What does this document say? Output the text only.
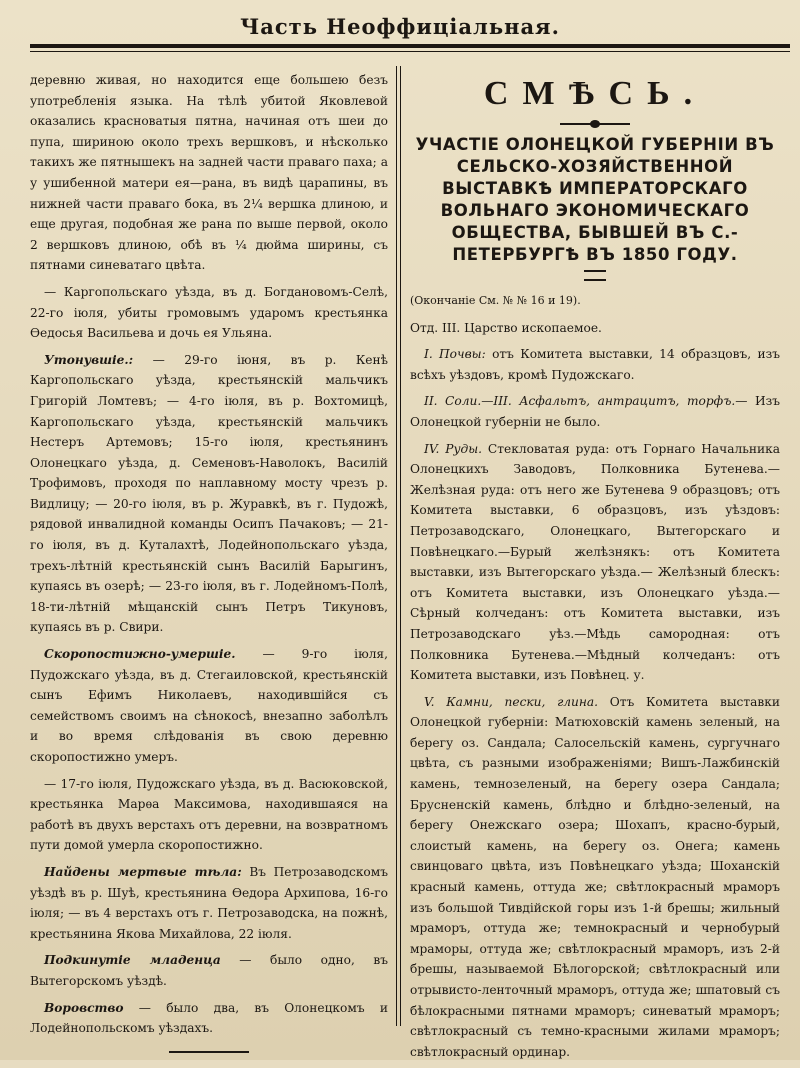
Часть Неоффиціальная.

деревню живая, но находится еще большею безъ употребленія языка. На тѣлѣ убитой Яковлевой оказались красноватыя пятна, начиная отъ шеи до пупа, шириною около трехъ вершковъ, и нѣсколько такихъ же пятнышекъ на задней части праваго паха; а у ушибенной матери ея—рана, въ видѣ царапины, въ нижней части праваго бока, въ 2¼ вершка длиною, и еще другая, подобная же рана по выше первой, около 2 вершковъ длиною, обѣ въ ¼ дюйма ширины, съ пятнами синеватаго цвѣта.

— Каргопольскаго уѣзда, въ д. Богдановомъ-Селѣ, 22-го іюля, убиты громовымъ ударомъ крестьянка Ѳедосья Васильева и дочь ея Ульяна.

Утонувшіе.: — 29-го іюня, въ р. Кенѣ Каргопольскаго уѣзда, крестьянскій мальчикъ Григорій Ломтевъ; — 4-го іюля, въ р. Вохтомицѣ, Каргопольскаго уѣзда, крестьянскій мальчикъ Нестеръ Артемовъ; 15-го іюля, крестьянинъ Олонецкаго уѣзда, д. Семеновъ-Наволокъ, Василій Трофимовъ, проходя по наплавному мосту чрезъ р. Видлицу; — 20-го іюля, въ р. Журавкѣ, въ г. Пудожѣ, рядовой инвалидной команды Осипъ Пачаковъ; — 21-го іюля, въ д. Куталахтѣ, Лодейнопольскаго уѣзда, трехъ-лѣтній крестьянскій сынъ Василій Барыгинъ, купаясь въ озерѣ; — 23-го іюля, въ г. Лодейномъ-Полѣ, 18-ти-лѣтній мѣщанскій сынъ Петръ Тикуновъ, купаясь въ р. Свири.

Скоропостижно-умершіе. — 9-го іюля, Пудожскаго уѣзда, въ д. Стегаиловской, крестьянскій сынъ Ефимъ Николаевъ, находившійся съ семействомъ своимъ на сѣнокосѣ, внезапно заболѣлъ и во время слѣдованія въ свою деревню скоропостижно умеръ.

— 17-го іюля, Пудожскаго уѣзда, въ д. Васюковской, крестьянка Марѳа Максимова, находившаяся на работѣ въ двухъ верстахъ отъ деревни, на возвратномъ пути домой умерла скоропостижно.

Найдены мертвые тѣла: Въ Петрозаводскомъ уѣздѣ въ р. Шуѣ, крестьянина Ѳедора Архипова, 16-го іюля; — въ 4 верстахъ отъ г. Петрозаводска, на пожнѣ, крестьянина Якова Михайлова, 22 іюля.

Подкинутіе младенца — было одно, въ Вытегорскомъ уѣздѣ.

Воровство — было два, въ Олонецкомъ и Лодейнопольскомъ уѣздахъ.

СМѢСЬ.
УЧАСТІЕ ОЛОНЕЦКОЙ ГУБЕРНІИ ВЪ СЕЛЬСКО-ХОЗЯЙСТВЕННОЙ ВЫСТАВКѢ ИМПЕРАТОРСКАГО ВОЛЬНАГО ЭКОНОМИЧЕСКАГО ОБЩЕСТВА, БЫВШЕЙ ВЪ С.-ПЕТЕРБУРГѢ ВЪ 1850 ГОДУ.

(Окончаніе См. № № 16 и 19).

Отд. III. Царство ископаемое.

I. Почвы: отъ Комитета выставки, 14 образцовъ, изъ всѣхъ уѣздовъ, кромѣ Пудожскаго.

II. Соли.—III. Асфальтъ, антрацитъ, торфъ.— Изъ Олонецкой губерніи не было.

IV. Руды. Стекловатая руда: отъ Горнаго Начальника Олонецкихъ Заводовъ, Полковника Бутенева.— Желѣзная руда: отъ него же Бутенева 9 образцовъ; отъ Комитета выставки, 6 образцовъ, изъ уѣздовъ: Петрозаводскаго, Олонецкаго, Вытегорскаго и Повѣнецкаго.—Бурый желѣзнякъ: отъ Комитета выставки, изъ Вытегорскаго уѣзда.— Желѣзный блескъ: отъ Комитета выставки, изъ Олонецкаго уѣзда.— Сѣрный колчеданъ: отъ Комитета выставки, изъ Петрозаводскаго уѣз.—Мѣдь самородная: отъ Полковника Бутенева.—Мѣдный колчеданъ: отъ Комитета выставки, изъ Повѣнец. у.

V. Камни, пески, глина. Отъ Комитета выставки Олонецкой губерніи: Матюховскій камень зеленый, на берегу оз. Сандала; Салосельскій камень, сургучнаго цвѣта, съ разными изображеніями; Вишъ-Лажбинскій камень, темнозеленый, на берегу озера Сандала; Брусненскій камень, блѣдно и блѣдно-зеленый, на берегу Онежскаго озера; Шохапъ, красно-бурый, слоистый камень, на берегу оз. Онега; камень свинцоваго цвѣта, изъ Повѣнецкаго уѣзда; Шоханскій красный камень, оттуда же; свѣтлокрасный мраморъ изъ большой Тивдійской горы изъ 1-й брешы; жильный мраморъ, оттуда же; темнокрасный и чернобурый мраморы, оттуда же; свѣтлокрасный мраморъ, изъ 2-й брешы, называемой Бѣлогорской; свѣтлокрасный или отрывисто-ленточный мраморъ, оттуда же; шпатовый съ бѣлокрасными пятнами мраморъ; синеватый мраморъ; свѣтлокрасный съ темно-красными жилами мраморъ; свѣтлокрасный ординар.
